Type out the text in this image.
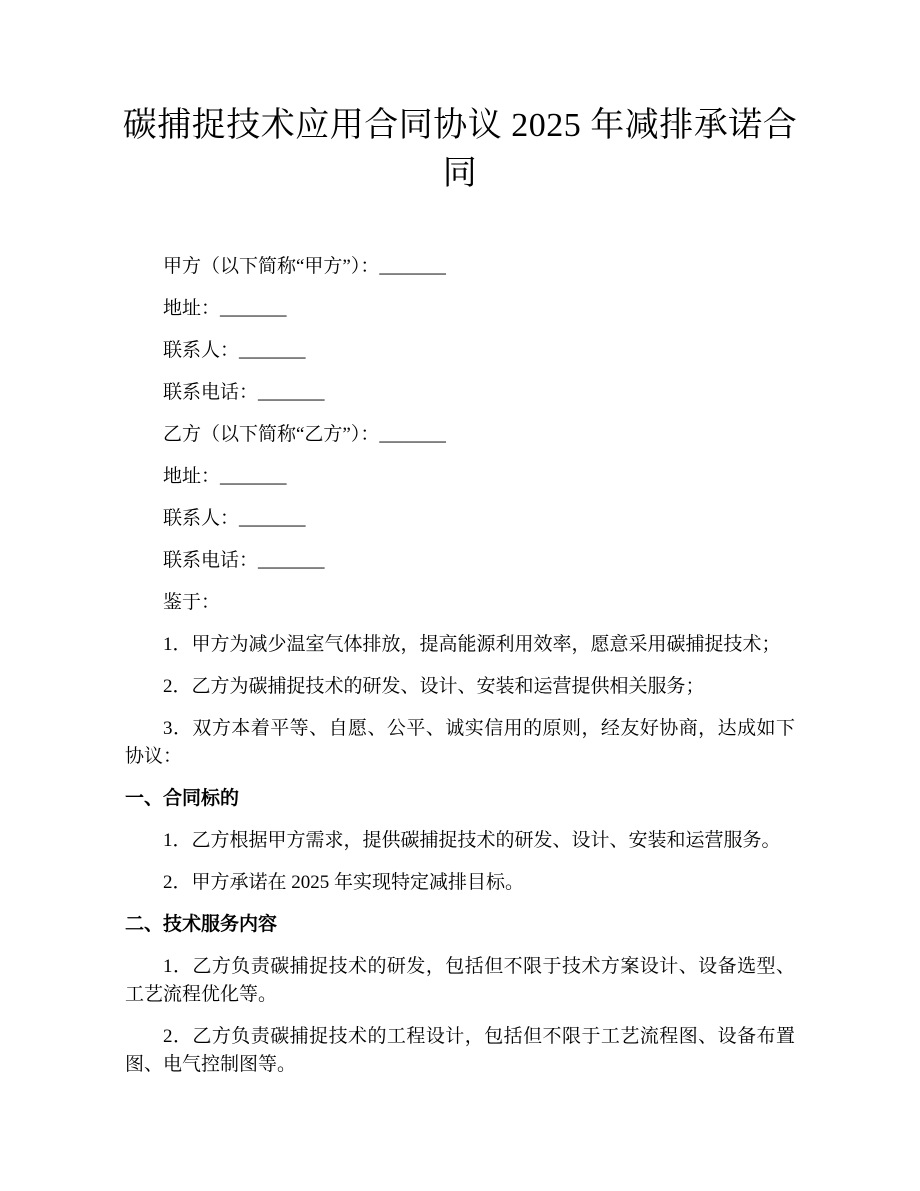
碳捕捉技术应用合同协议 2025 年减排承诺合同

甲方（以下简称“甲方”）：_______

地址：_______

联系人：_______

联系电话：_______

乙方（以下简称“乙方”）：_______

地址：_______

联系人：_______

联系电话：_______

鉴于：

1．甲方为减少温室气体排放，提高能源利用效率，愿意采用碳捕捉技术；

2．乙方为碳捕捉技术的研发、设计、安装和运营提供相关服务；

3．双方本着平等、自愿、公平、诚实信用的原则，经友好协商，达成如下协议：

一、合同标的

1．乙方根据甲方需求，提供碳捕捉技术的研发、设计、安装和运营服务。

2．甲方承诺在 2025 年实现特定减排目标。

二、技术服务内容

1．乙方负责碳捕捉技术的研发，包括但不限于技术方案设计、设备选型、工艺流程优化等。

2．乙方负责碳捕捉技术的工程设计，包括但不限于工艺流程图、设备布置图、电气控制图等。
